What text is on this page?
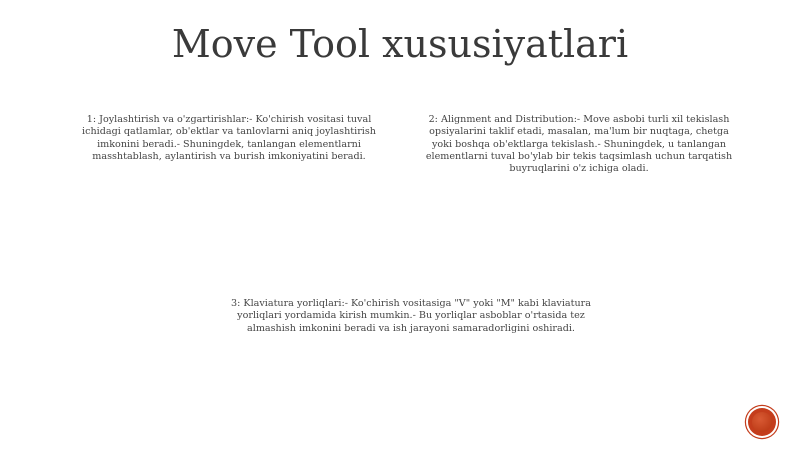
Move Tool xususiyatlari
1: Joylashtirish va o'zgartirishlar:- Ko'chirish vositasi tuval ichidagi qatlamlar, ob'ektlar va tanlovlarni aniq joylashtirish imkonini beradi.- Shuningdek, tanlangan elementlarni masshtablash, aylantirish va burish imkoniyatini beradi.
2: Alignment and Distribution:- Move asbobi turli xil tekislash opsiyalarini taklif etadi, masalan, ma'lum bir nuqtaga, chetga yoki boshqa ob'ektlarga tekislash.- Shuningdek, u tanlangan elementlarni tuval bo'ylab bir tekis taqsimlash uchun tarqatish buyruqlarini o'z ichiga oladi.
3: Klaviatura yorliqlari:- Ko'chirish vositasiga "V" yoki "M" kabi klaviatura yorliqlari yordamida kirish mumkin.- Bu yorliqlar asboblar o'rtasida tez almashish imkonini beradi va ish jarayoni samaradorligini oshiradi.
